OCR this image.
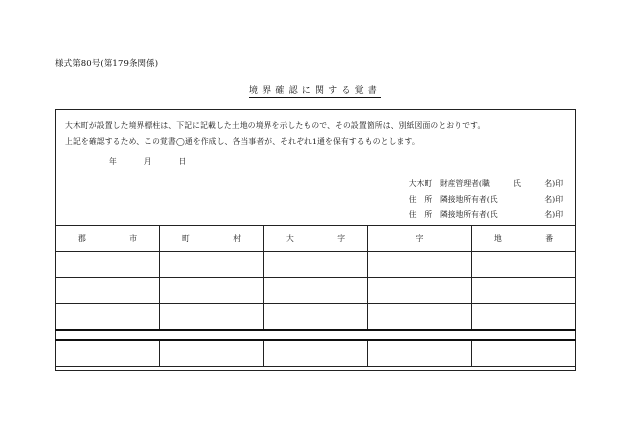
様式第80号(第179条関係)
境界確認に関する覚書
大木町が設置した境界標柱は、下記に記載した土地の境界を示したもので、その設置箇所は、別紙図面のとおりです。
上記を確認するため、この覚書◯通を作成し、各当事者が、それぞれ1通を保有するものとします。
年	月	日
大木町　財産管理者(職　　　氏　　　名)印
住　所　隣接地所有者(氏　　　　　　名)印
住　所　隣接地所有者(氏　　　　　　名)印
郡 市	町 村	大 字	字	地 番
